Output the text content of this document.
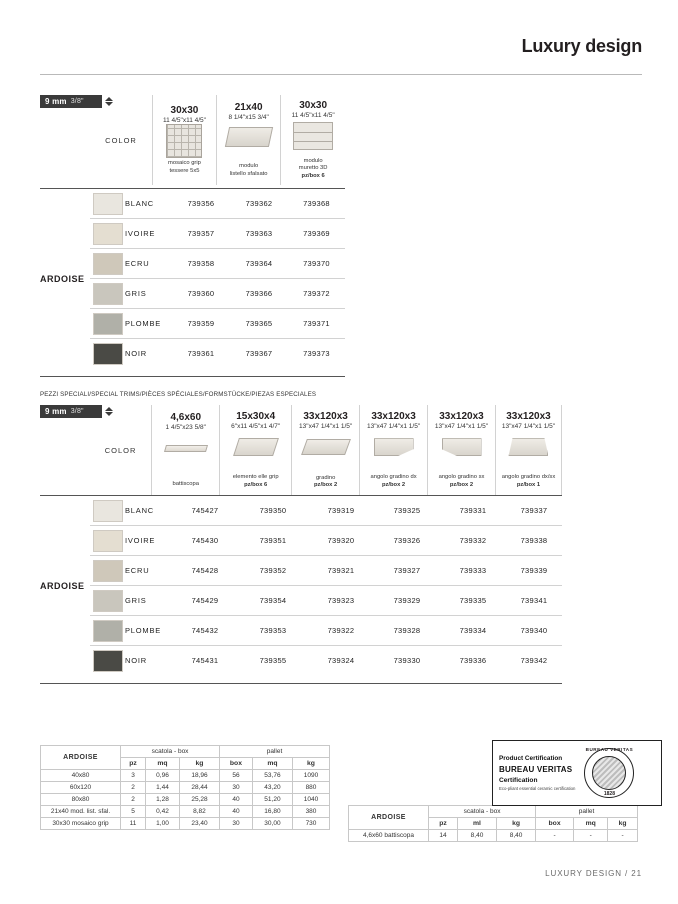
Luxury design
9 mm 3/8"
	COLOR	
30x30
11 4/5"x11 4/5"
mosaico grip
tessere 5x5

21x40
8 1/4"x15 3/4"
modulo
listello sfalsato

30x30
11 4/5"x11 4/5"
modulo
muretto 3D
pz/box 6
ARDOISE		BLANC	739356	739362	739368

		IVOIRE	739357	739363	739369

		ECRU	739358	739364	739370

		GRIS	739360	739366	739372

		PLOMBE	739359	739365	739371

		NOIR	739361	739367	739373
PEZZI SPECIALI/SPECIAL TRIMS/PIÈCES SPÉCIALES/FORMSTÜCKE/PIEZAS ESPECIALES
9 mm 3/8"
	COLOR	
4,6x60
1 4/5"x23 5/8"
battiscopa

15x30x4
6"x11 4/5"x1 4/7"
elemento elle grip
pz/box 6

33x120x3
13"x47 1/4"x1 1/5"
gradino
pz/box 2

33x120x3
13"x47 1/4"x1 1/5"
angolo gradino dx
pz/box 2

33x120x3
13"x47 1/4"x1 1/5"
angolo gradino sx
pz/box 2

33x120x3
13"x47 1/4"x1 1/5"
angolo gradino dx/sx
pz/box 1
ARDOISE		BLANC	745427	739350	739319	739325	739331	739337

		IVOIRE	745430	739351	739320	739326	739332	739338

		ECRU	745428	739352	739321	739327	739333	739339

		GRIS	745429	739354	739323	739329	739335	739341

		PLOMBE	745432	739353	739322	739328	739334	739340

		NOIR	745431	739355	739324	739330	739336	739342
ARDOISE	scatola - box			pallet		
	pz	mq	kg	box	mq	kg
40x80	3	0,96	18,96	56	53,76	1090
60x120	2	1,44	28,44	30	43,20	880
80x80	2	1,28	25,28	40	51,20	1040
21x40 mod. list. sfal.	5	0,42	8,82	40	16,80	380
30x30 mosaico grip	11	1,00	23,40	30	30,00	730
ARDOISE	scatola - box			pallet		
	pz	ml	kg	box	mq	kg
4,6x60 battiscopa	14	8,40	8,40	-	-	-
Product Certification
BUREAU VERITAS
Certification
Eco-pliant essential ceramic certification
BUREAU VERITAS
1828
LUXURY DESIGN / 21
